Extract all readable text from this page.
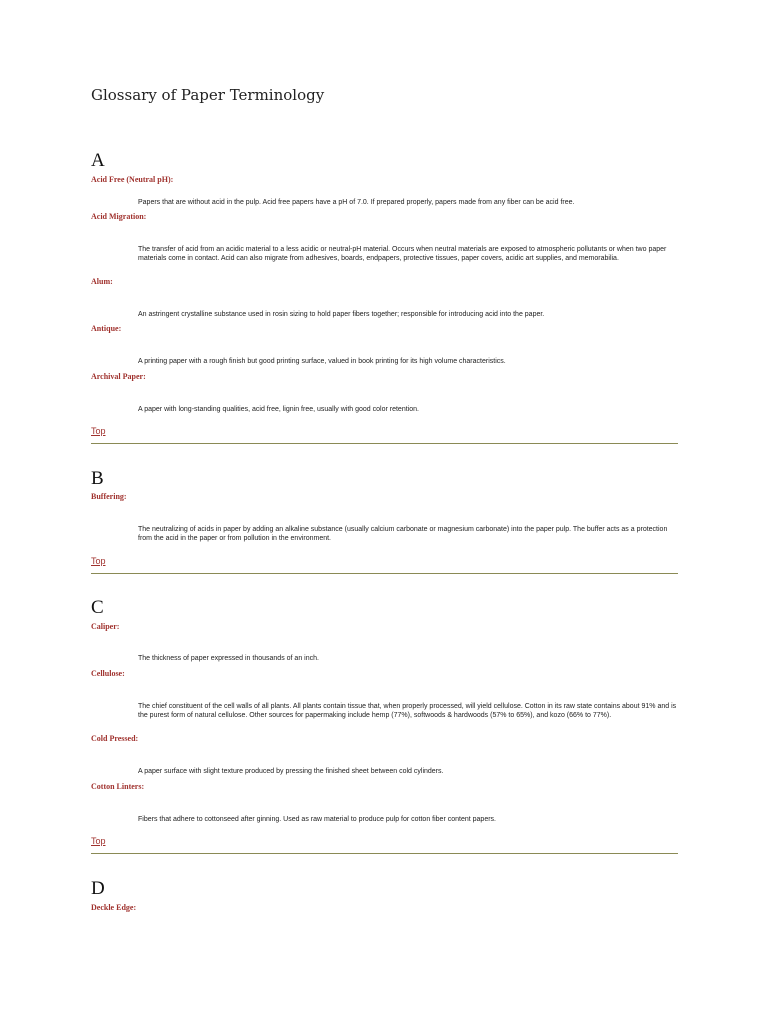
Glossary of Paper Terminology
A

Acid Free (Neutral pH):

Papers that are without acid in the pulp. Acid free papers have a pH of 7.0. If prepared properly, papers made from any fiber can be acid free.

Acid Migration:

The transfer of acid from an acidic material to a less acidic or neutral-pH material. Occurs when neutral materials are exposed to atmospheric pollutants or when two paper materials come in contact. Acid can also migrate from adhesives, boards, endpapers, protective tissues, paper covers, acidic art supplies, and memorabilia.

Alum:

An astringent crystalline substance used in rosin sizing to hold paper fibers together; responsible for introducing acid into the paper.

Antique:

A printing paper with a rough finish but good printing surface, valued in book printing for its high volume characteristics.

Archival Paper:

A paper with long-standing qualities, acid free, lignin free, usually with good color retention.

Top
B

Buffering:

The neutralizing of acids in paper by adding an alkaline substance (usually calcium carbonate or magnesium carbonate) into the paper pulp. The buffer acts as a protection from the acid in the paper or from pollution in the environment.

Top
C

Caliper:

The thickness of paper expressed in thousands of an inch.

Cellulose:

The chief constituent of the cell walls of all plants. All plants contain tissue that, when properly processed, will yield cellulose. Cotton in its raw state contains about 91% and is the purest form of natural cellulose. Other sources for papermaking include hemp (77%), softwoods & hardwoods (57% to 65%), and kozo (66% to 77%).

Cold Pressed:

A paper surface with slight texture produced by pressing the finished sheet between cold cylinders.

Cotton Linters:

Fibers that adhere to cottonseed after ginning. Used as raw material to produce pulp for cotton fiber content papers.

Top
D

Deckle Edge:
